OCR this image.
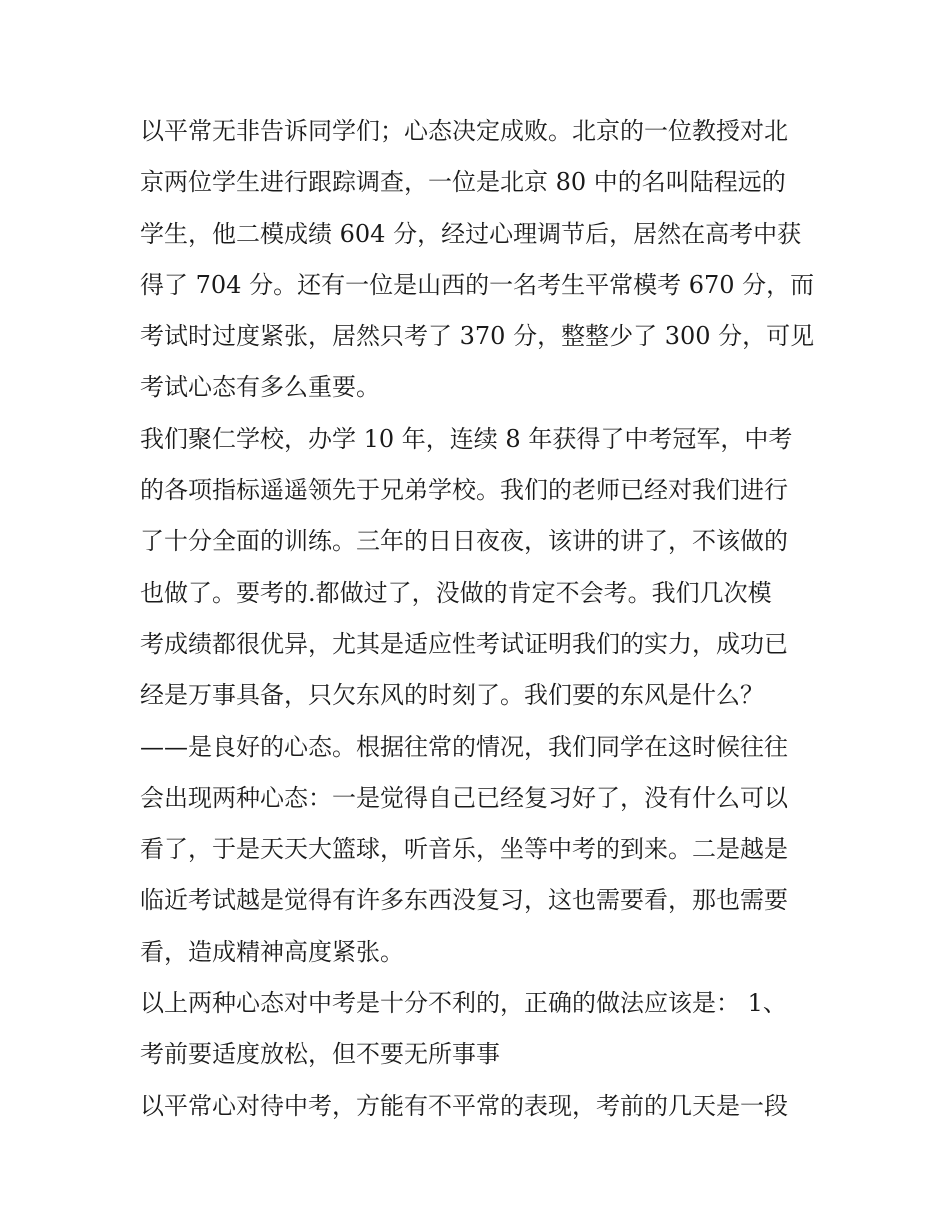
以平常无非告诉同学们；心态决定成败。北京的一位教授对北
京两位学生进行跟踪调查，一位是北京 80 中的名叫陆程远的
学生，他二模成绩 604 分，经过心理调节后，居然在高考中获
得了 704 分。还有一位是山西的一名考生平常模考 670 分，而
考试时过度紧张，居然只考了 370 分，整整少了 300 分，可见
考试心态有多么重要。
我们聚仁学校，办学 10 年，连续 8 年获得了中考冠军，中考
的各项指标遥遥领先于兄弟学校。我们的老师已经对我们进行
了十分全面的训练。三年的日日夜夜，该讲的讲了，不该做的
也做了。要考的.都做过了，没做的肯定不会考。我们几次模
考成绩都很优异，尤其是适应性考试证明我们的实力，成功已
经是万事具备，只欠东风的时刻了。我们要的东风是什么？
——是良好的心态。根据往常的情况，我们同学在这时候往往
会出现两种心态：一是觉得自己已经复习好了，没有什么可以
看了，于是天天大篮球，听音乐，坐等中考的到来。二是越是
临近考试越是觉得有许多东西没复习，这也需要看，那也需要
看，造成精神高度紧张。
以上两种心态对中考是十分不利的，正确的做法应该是： 1、
考前要适度放松，但不要无所事事
以平常心对待中考，方能有不平常的表现，考前的几天是一段
